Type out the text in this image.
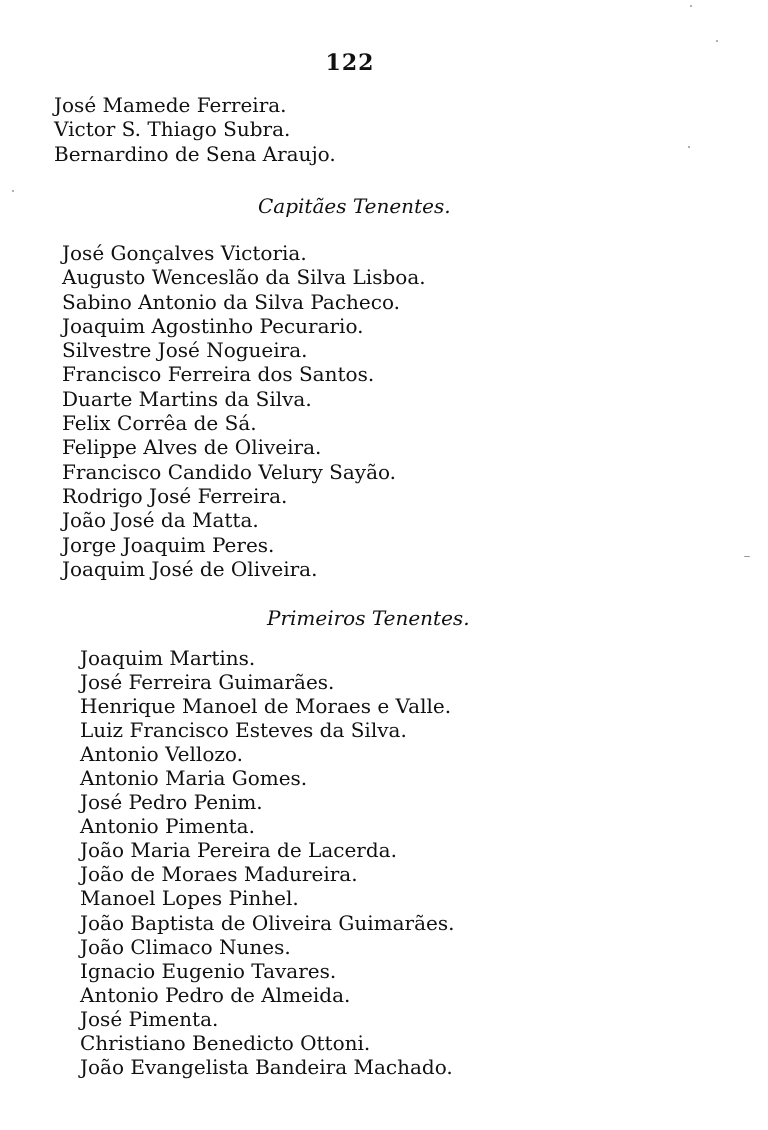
122
José Mamede Ferreira.
Victor S. Thiago Subra.
Bernardino de Sena Araujo.
Capitães Tenentes.
José Gonçalves Victoria.
Augusto Wenceslão da Silva Lisboa.
Sabino Antonio da Silva Pacheco.
Joaquim Agostinho Pecurario.
Silvestre José Nogueira.
Francisco Ferreira dos Santos.
Duarte Martins da Silva.
Felix Corrêa de Sá.
Felippe Alves de Oliveira.
Francisco Candido Velury Sayão.
Rodrigo José Ferreira.
João José da Matta.
Jorge Joaquim Peres.
Joaquim José de Oliveira.
Primeiros Tenentes.
Joaquim Martins.
José Ferreira Guimarães.
Henrique Manoel de Moraes e Valle.
Luiz Francisco Esteves da Silva.
Antonio Vellozo.
Antonio Maria Gomes.
José Pedro Penim.
Antonio Pimenta.
João Maria Pereira de Lacerda.
João de Moraes Madureira.
Manoel Lopes Pinhel.
João Baptista de Oliveira Guimarães.
João Climaco Nunes.
Ignacio Eugenio Tavares.
Antonio Pedro de Almeida.
José Pimenta.
Christiano Benedicto Ottoni.
João Evangelista Bandeira Machado.
